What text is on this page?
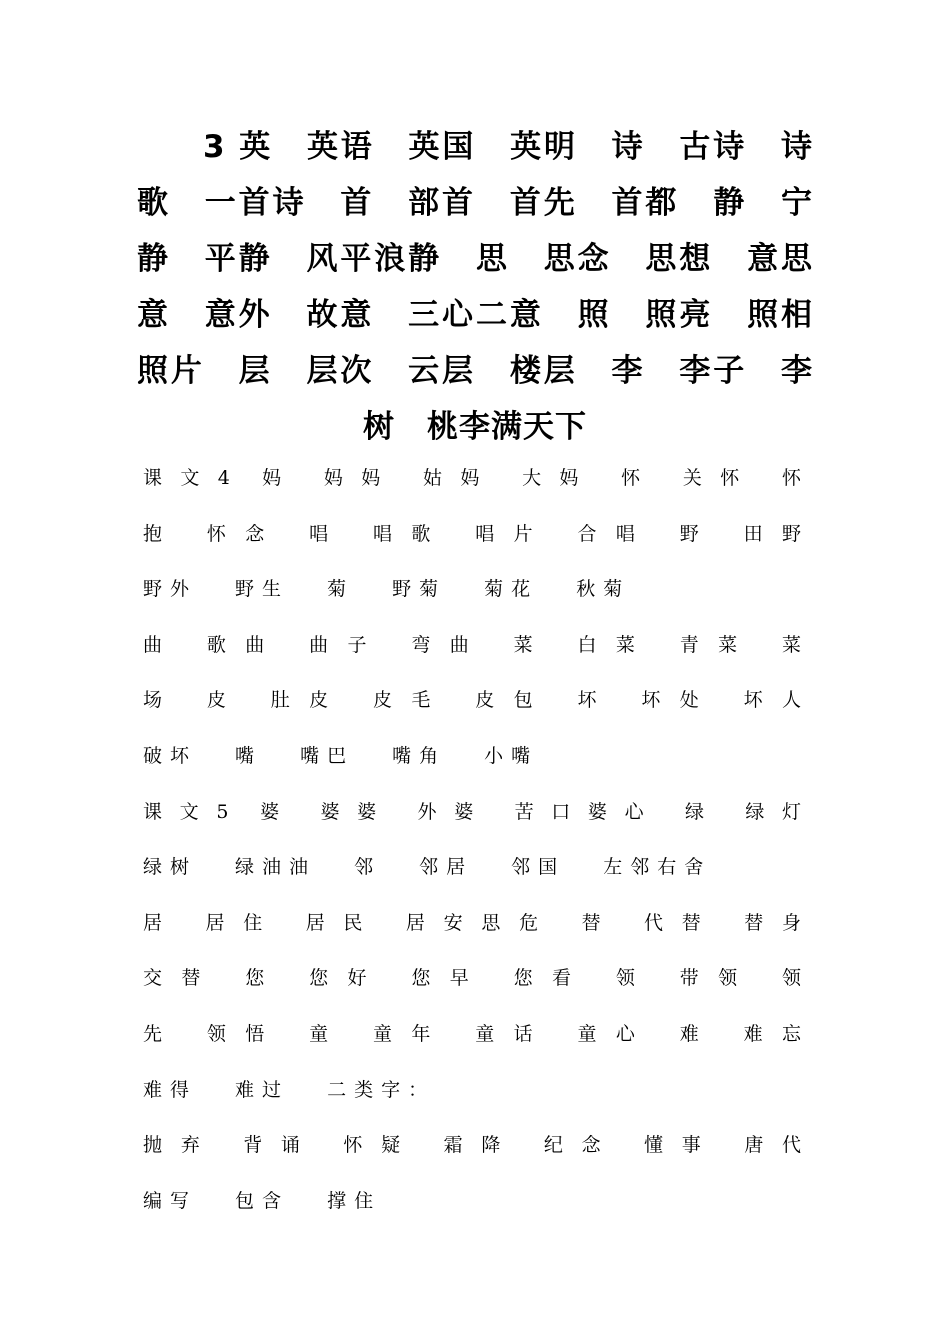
3 英　英语　英国　英明　诗　古诗　诗
歌　一首诗　首　部首　首先　首都　静　宁
静　平静　风平浪静　思　思念　思想　意思
意　意外　故意　三心二意　照　照亮　照相
照片　层　层次　云层　楼层　李　李子　李
树　桃李满天下
课文4 妈 妈妈 姑妈 大妈 怀 关怀 怀
抱 怀念 唱 唱歌 唱片 合唱 野 田野
野外 野生 菊 野菊 菊花 秋菊
曲 歌曲 曲子 弯曲 菜 白菜 青菜 菜
场 皮 肚皮 皮毛 皮包 坏 坏处 坏人
破坏 嘴 嘴巴 嘴角 小嘴
课文5 婆 婆婆 外婆 苦口婆心 绿 绿灯
绿树 绿油油 邻 邻居 邻国 左邻右舍
居 居住 居民 居安思危 替 代替 替身
交替 您 您好 您早 您看 领 带领 领
先 领悟 童 童年 童话 童心 难 难忘
难得 难过 二类字：
抛弃 背诵 怀疑 霜降 纪念 懂事 唐代
编写 包含 撑住
